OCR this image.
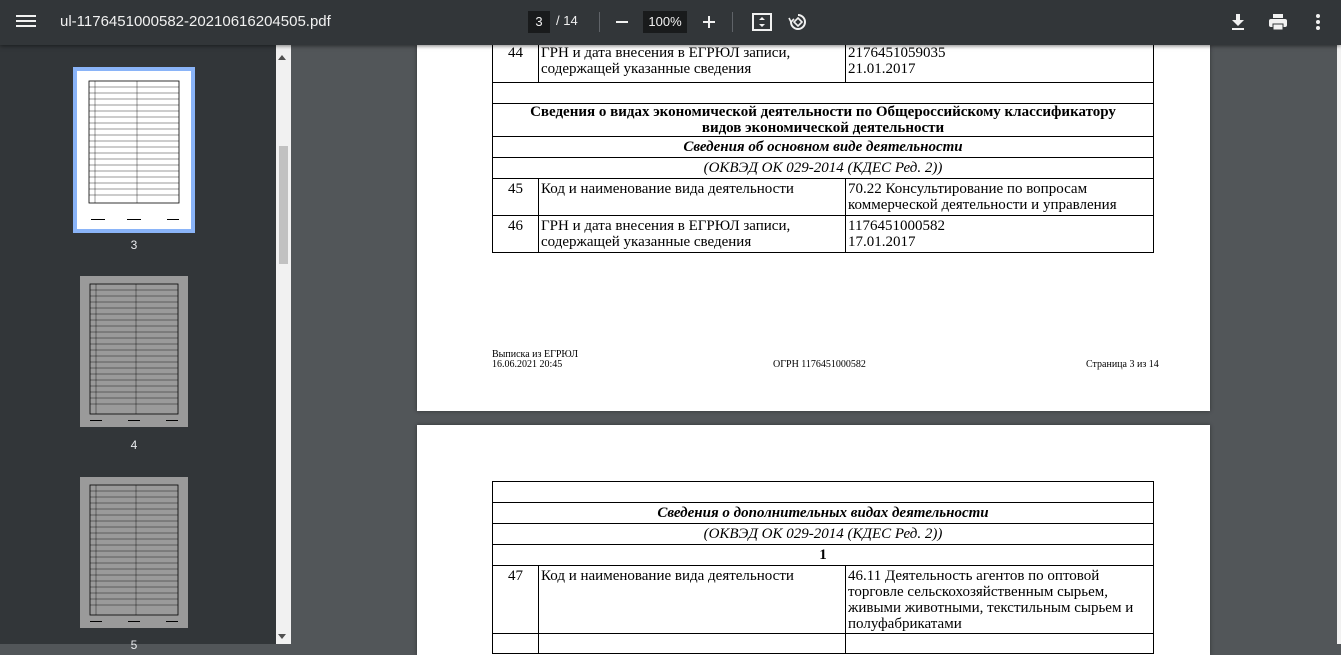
ul-1176451000582-20210616204505.pdf	3	/ 14	100%
3
4
5
44	ГРН и дата внесения в ЕГРЮЛ записи, содержащей указанные сведения	2176451059035
21.01.2017

Сведения о видах экономической деятельности по Общероссийскому классификатору
видов экономической деятельности		

Сведения об основном виде деятельности		
(ОКВЭД ОК 029-2014 (КДЕС Ред. 2))		
45	Код и наименование вида деятельности	70.22 Консультирование по вопросам коммерческой деятельности и управления
46	ГРН и дата внесения в ЕГРЮЛ записи, содержащей указанные сведения	1176451000582
17.01.2017
Выписка из ЕГРЮЛ
16.06.2021 20:45	ОГРН 1176451000582	Страница 3 из 14

Сведения о дополнительных видах деятельности		
(ОКВЭД ОК 029-2014 (КДЕС Ред. 2))		
1		
47	Код и наименование вида деятельности	46.11 Деятельность агентов по оптовой торговле сельскохозяйственным сырьем, живыми животными, текстильным сырьем и полуфабрикатами
